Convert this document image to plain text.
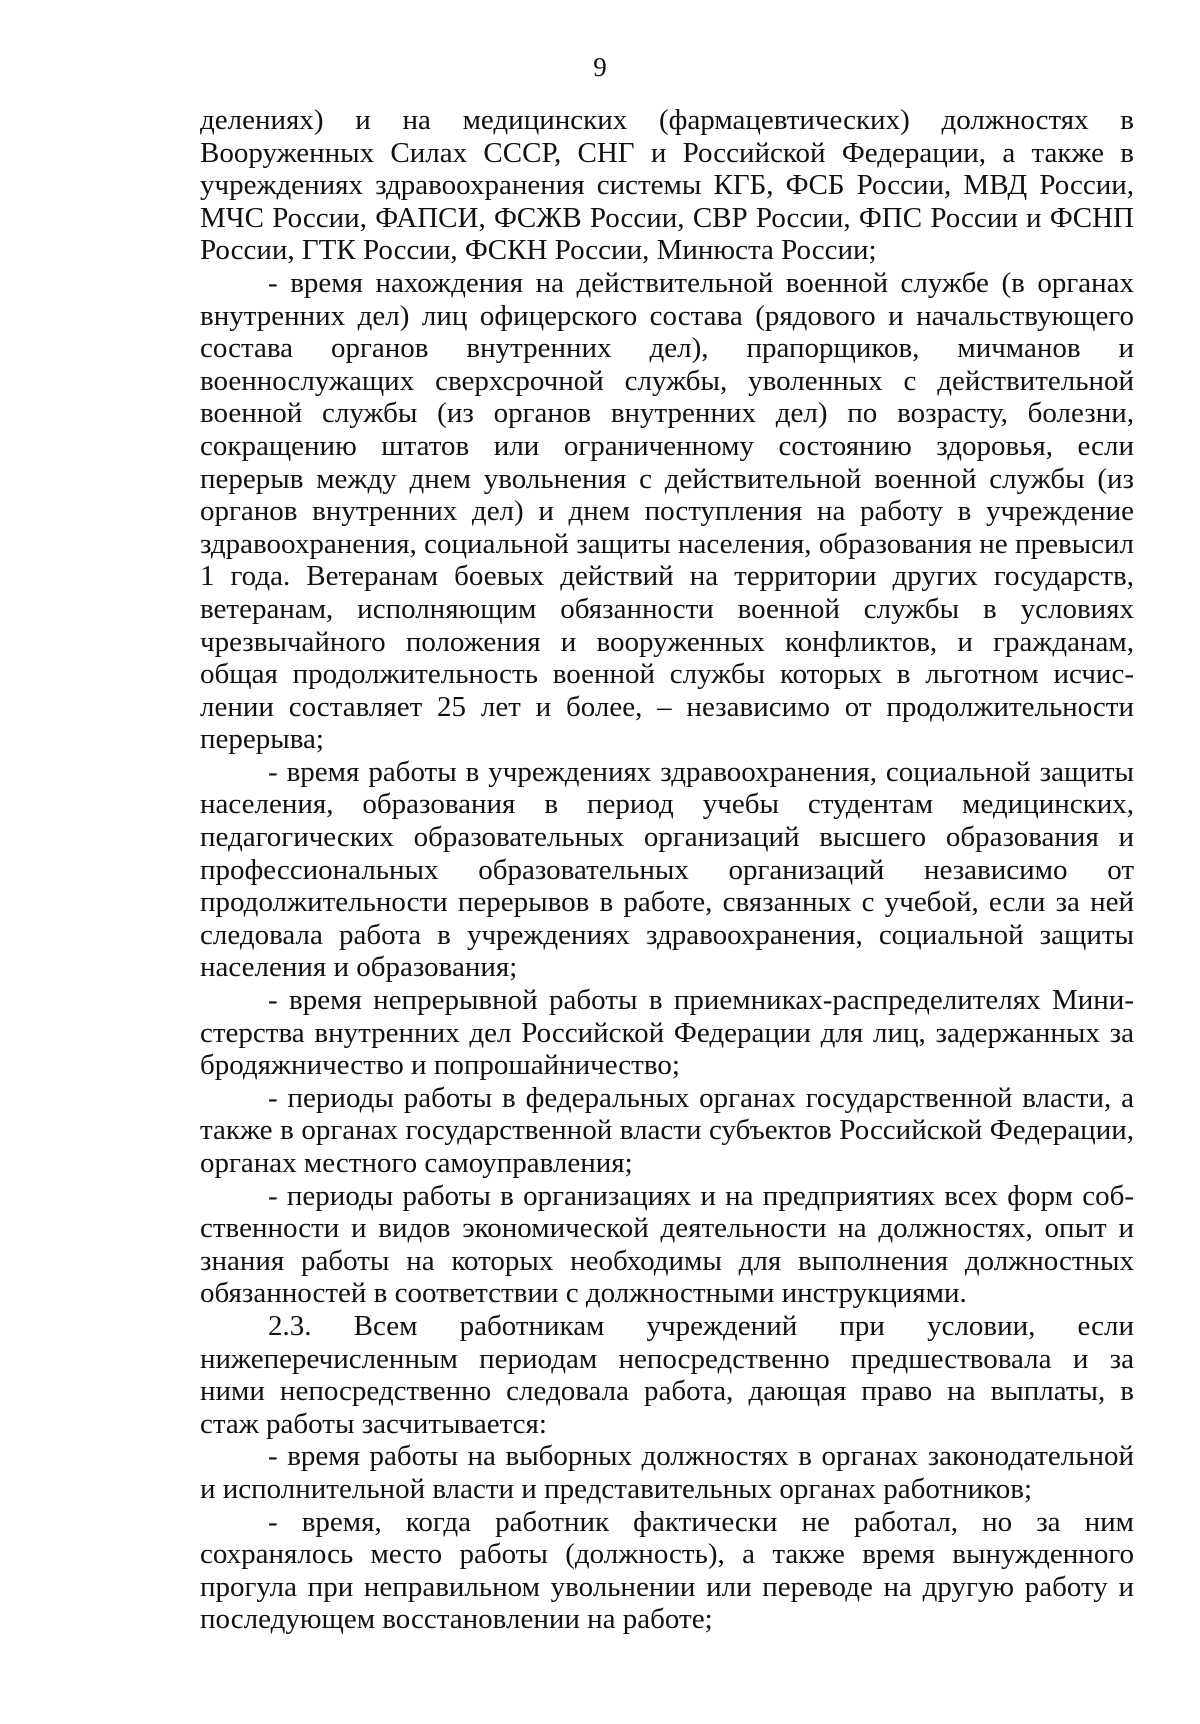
9

делениях) и на медицинских (фармацевтических) должностях в Вооруженных Силах СССР, СНГ и Российской Федерации, а также в учреждениях здравоохранения системы КГБ, ФСБ России, МВД России, МЧС России, ФАПСИ, ФСЖВ России, СВР России, ФПС России и ФСНП России, ГТК России, ФСКН России, Минюста России;

- время нахождения на действительной военной службе (в органах внутренних дел) лиц офицерского состава (рядового и начальствующего состава органов внутренних дел), прапорщиков, мичманов и военнослужащих сверхсрочной службы, уволенных с действительной военной службы (из органов внутренних дел) по возрасту, болезни, сокращению штатов или ограниченному состоянию здоровья, если перерыв между днем увольнения с действительной военной службы (из органов внутренних дел) и днем поступления на работу в учреждение здравоохранения, социальной защиты населения, образования не превысил 1 года. Ветеранам боевых действий на территории других государств, ветеранам, исполняющим обязанности военной службы в условиях чрезвычайного положения и вооруженных конфликтов, и гражданам, общая продолжительность военной службы которых в льготном исчислении составляет 25 лет и более, – независимо от продолжительности перерыва;

- время работы в учреждениях здравоохранения, социальной защиты населения, образования в период учебы студентам медицинских, педагогических образовательных организаций высшего образования и профессиональных образовательных организаций независимо от продолжительности перерывов в работе, связанных с учебой, если за ней следовала работа в учреждениях здравоохранения, социальной защиты населения и образования;

- время непрерывной работы в приемниках-распределителях Министерства внутренних дел Российской Федерации для лиц, задержанных за бродяжничество и попрошайничество;

- периоды работы в федеральных органах государственной власти, а также в органах государственной власти субъектов Российской Федерации, органах местного самоуправления;

- периоды работы в организациях и на предприятиях всех форм собственности и видов экономической деятельности на должностях, опыт и знания работы на которых необходимы для выполнения должностных обязанностей в соответствии с должностными инструкциями.

2.3. Всем работникам учреждений при условии, если нижеперечисленным периодам непосредственно предшествовала и за ними непосредственно следовала работа, дающая право на выплаты, в стаж работы засчитывается:

- время работы на выборных должностях в органах законодательной и исполнительной власти и представительных органах работников;

- время, когда работник фактически не работал, но за ним сохранялось место работы (должность), а также время вынужденного прогула при неправильном увольнении или переводе на другую работу и последующем восстановлении на работе;
